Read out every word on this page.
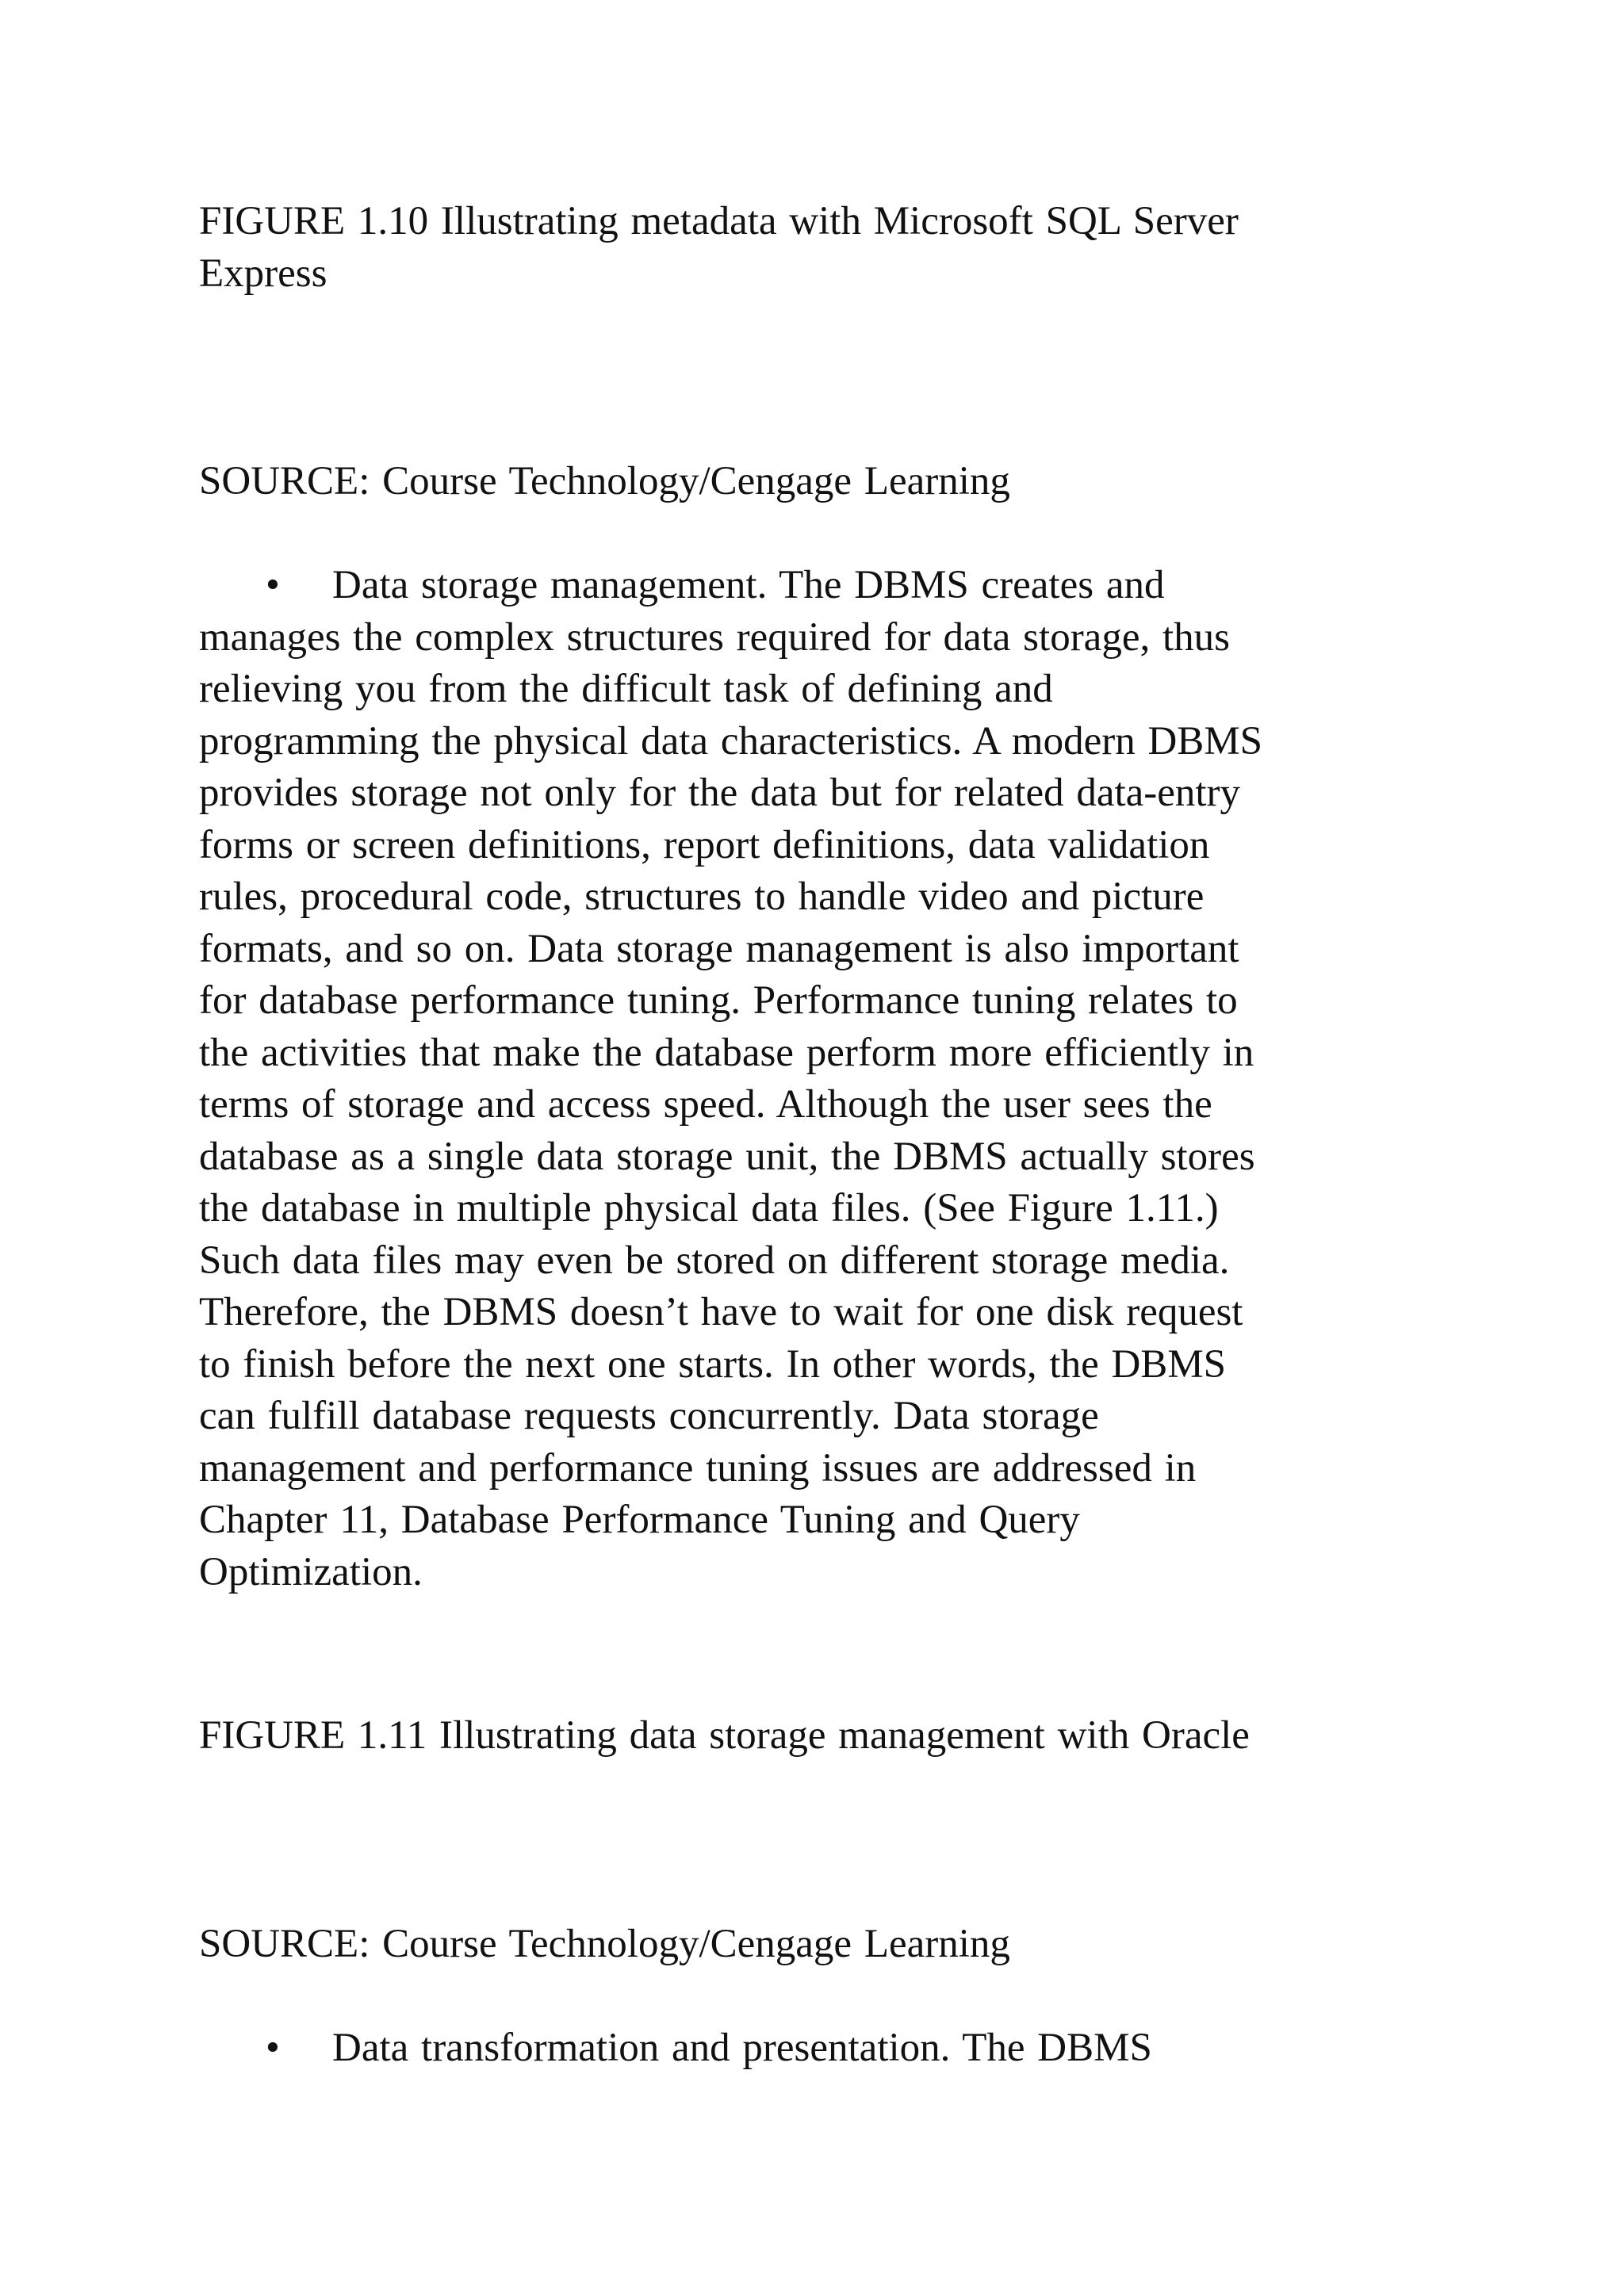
FIGURE 1.10 Illustrating metadata with Microsoft SQL Server
Express

SOURCE: Course Technology/Cengage Learning

• Data storage management. The DBMS creates and
manages the complex structures required for data storage, thus
relieving you from the difficult task of defining and
programming the physical data characteristics. A modern DBMS
provides storage not only for the data but for related data-entry
forms or screen definitions, report definitions, data validation
rules, procedural code, structures to handle video and picture
formats, and so on. Data storage management is also important
for database performance tuning. Performance tuning relates to
the activities that make the database perform more efficiently in
terms of storage and access speed. Although the user sees the
database as a single data storage unit, the DBMS actually stores
the database in multiple physical data files. (See Figure 1.11.)
Such data files may even be stored on different storage media.
Therefore, the DBMS doesn’t have to wait for one disk request
to finish before the next one starts. In other words, the DBMS
can fulfill database requests concurrently. Data storage
management and performance tuning issues are addressed in
Chapter 11, Database Performance Tuning and Query
Optimization.

FIGURE 1.11 Illustrating data storage management with Oracle

SOURCE: Course Technology/Cengage Learning

• Data transformation and presentation. The DBMS
